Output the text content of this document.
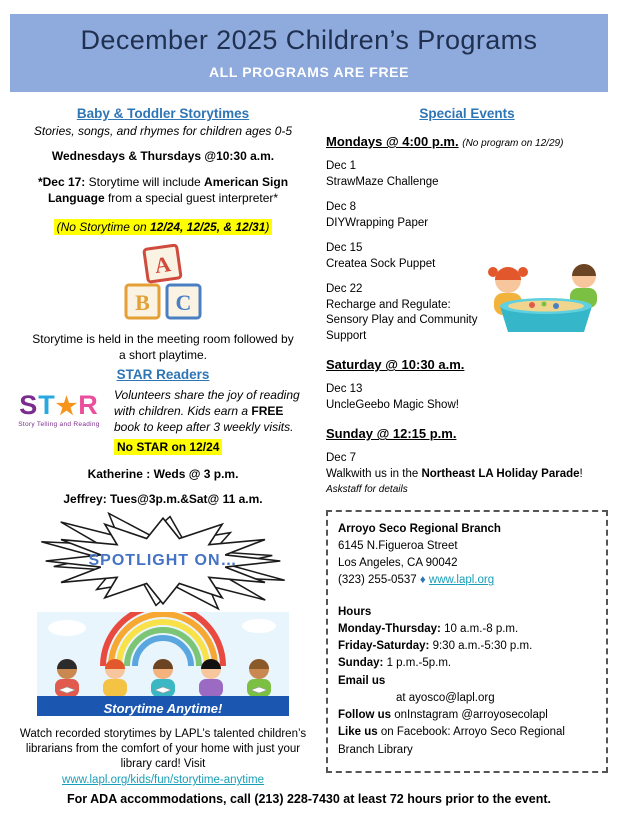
December 2025 Children’s Programs
ALL PROGRAMS ARE FREE
Baby & Toddler Storytimes
Stories, songs, and rhymes for children ages 0-5
Wednesdays & Thursdays @10:30 a.m.
*Dec 17: Storytime will include American Sign Language from a special guest interpreter*
(No Storytime on 12/24, 12/25, & 12/31)
A
B C
Storytime is held in the meeting room followed by a short playtime.
STAR Readers
ST★R
Story Telling and Reading
Volunteers share the joy of reading with children. Kids earn a FREE book to keep after 3 weekly visits.
No STAR on 12/24
Katherine : Weds @ 3 p.m.
Jeffrey: Tues@3p.m.&Sat@ 11 a.m.
SPOTLIGHT ON…
Storytime Anytime!
Watch recorded storytimes by LAPL’s talented children’s librarians from the comfort of your home with just your library card! Visit
www.lapl.org/kids/fun/storytime-anytime
Special Events
Mondays @ 4:00 p.m. (No program on 12/29)
Dec 1
StrawMaze Challenge
Dec 8
DIYWrapping Paper
Dec 15
Createa Sock Puppet
Dec 22
Recharge and Regulate: Sensory Play and Community Support
Saturday @ 10:30 a.m.
Dec 13
UncleGeebo Magic Show!
Sunday @ 12:15 p.m.
Dec 7
Walkwith us in the Northeast LA Holiday Parade! Askstaff for details
Arroyo Seco Regional Branch
6145 N.Figueroa Street
Los Angeles, CA 90042
(323) 255-0537 ♦ www.lapl.org
Hours
Monday-Thursday: 10 a.m.-8 p.m.
Friday-Saturday: 9:30 a.m.-5:30 p.m.
Sunday: 1 p.m.-5p.m.
Email us
at ayosco@lapl.org
Follow us onInstagram @arroyosecolapl
Like us on Facebook: Arroyo Seco Regional Branch Library
For ADA accommodations, call (213) 228-7430 at least 72 hours prior to the event.
